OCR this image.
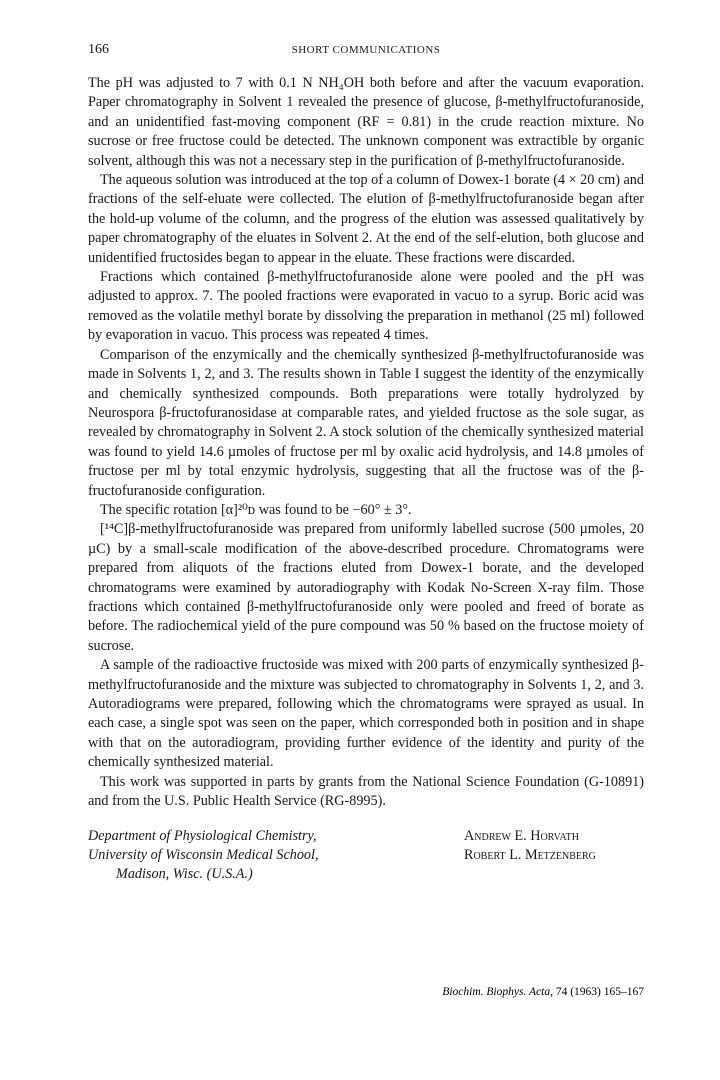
166	SHORT COMMUNICATIONS

The pH was adjusted to 7 with 0.1 N NH₄OH both before and after the vacuum evaporation. Paper chromatography in Solvent 1 revealed the presence of glucose, β-methylfructofuranoside, and an unidentified fast-moving component (RF = 0.81) in the crude reaction mixture. No sucrose or free fructose could be detected. The unknown component was extractible by organic solvent, although this was not a necessary step in the purification of β-methylfructofuranoside.

The aqueous solution was introduced at the top of a column of Dowex-1 borate (4 × 20 cm) and fractions of the self-eluate were collected. The elution of β-methylfructofuranoside began after the hold-up volume of the column, and the progress of the elution was assessed qualitatively by paper chromatography of the eluates in Solvent 2. At the end of the self-elution, both glucose and unidentified fructosides began to appear in the eluate. These fractions were discarded.

Fractions which contained β-methylfructofuranoside alone were pooled and the pH was adjusted to approx. 7. The pooled fractions were evaporated in vacuo to a syrup. Boric acid was removed as the volatile methyl borate by dissolving the preparation in methanol (25 ml) followed by evaporation in vacuo. This process was repeated 4 times.

Comparison of the enzymically and the chemically synthesized β-methylfructofuranoside was made in Solvents 1, 2, and 3. The results shown in Table I suggest the identity of the enzymically and chemically synthesized compounds. Both preparations were totally hydrolyzed by Neurospora β-fructofuranosidase at comparable rates, and yielded fructose as the sole sugar, as revealed by chromatography in Solvent 2. A stock solution of the chemically synthesized material was found to yield 14.6 µmoles of fructose per ml by oxalic acid hydrolysis, and 14.8 µmoles of fructose per ml by total enzymic hydrolysis, suggesting that all the fructose was of the β-fructofuranoside configuration.

The specific rotation [α]²⁰ᴅ was found to be −60° ± 3°.

[¹⁴C]β-methylfructofuranoside was prepared from uniformly labelled sucrose (500 µmoles, 20 µC) by a small-scale modification of the above-described procedure. Chromatograms were prepared from aliquots of the fractions eluted from Dowex-1 borate, and the developed chromatograms were examined by autoradiography with Kodak No-Screen X-ray film. Those fractions which contained β-methylfructofuranoside only were pooled and freed of borate as before. The radiochemical yield of the pure compound was 50 % based on the fructose moiety of sucrose.

A sample of the radioactive fructoside was mixed with 200 parts of enzymically synthesized β-methylfructofuranoside and the mixture was subjected to chromatography in Solvents 1, 2, and 3. Autoradiograms were prepared, following which the chromatograms were sprayed as usual. In each case, a single spot was seen on the paper, which corresponded both in position and in shape with that on the autoradiogram, providing further evidence of the identity and purity of the chemically synthesized material.

This work was supported in parts by grants from the National Science Foundation (G-10891) and from the U.S. Public Health Service (RG-8995).

Department of Physiological Chemistry,
University of Wisconsin Medical School,

Madison, Wisc. (U.S.A.)
Andrew E. Horvath
Robert L. Metzenberg
Biochim. Biophys. Acta, 74 (1963) 165–167
